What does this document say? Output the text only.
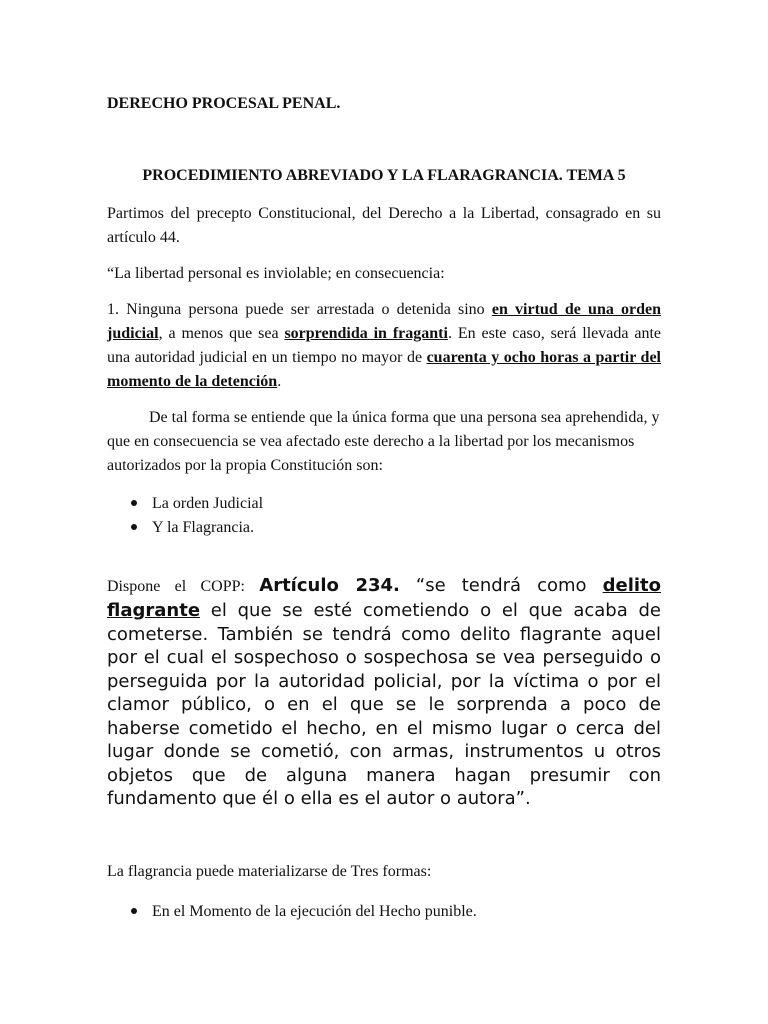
DERECHO PROCESAL PENAL.
PROCEDIMIENTO ABREVIADO Y LA FLARAGRANCIA. TEMA 5

Partimos del precepto Constitucional, del Derecho a la Libertad, consagrado en su artículo 44.

“La libertad personal es inviolable; en consecuencia:

1. Ninguna persona puede ser arrestada o detenida sino en virtud de una orden judicial, a menos que sea sorprendida in fraganti. En este caso, será llevada ante una autoridad judicial en un tiempo no mayor de cuarenta y ocho horas a partir del momento de la detención.

De tal forma se entiende que la única forma que una persona sea aprehendida, y que en consecuencia se vea afectado este derecho a la libertad por los mecanismos autorizados por la propia Constitución son:

La orden Judicial
Y la Flagrancia.

Dispone el COPP: Artículo 234. “se tendrá como delito flagrante el que se esté cometiendo o el que acaba de cometerse. También se tendrá como delito flagrante aquel por el cual el sospechoso o sospechosa se vea perseguido o perseguida por la autoridad policial, por la víctima o por el clamor público, o en el que se le sorprenda a poco de haberse cometido el hecho, en el mismo lugar o cerca del lugar donde se cometió, con armas, instrumentos u otros objetos que de alguna manera hagan presumir con fundamento que él o ella es el autor o autora”.

La flagrancia puede materializarse de Tres formas:

En el Momento de la ejecución del Hecho punible.
